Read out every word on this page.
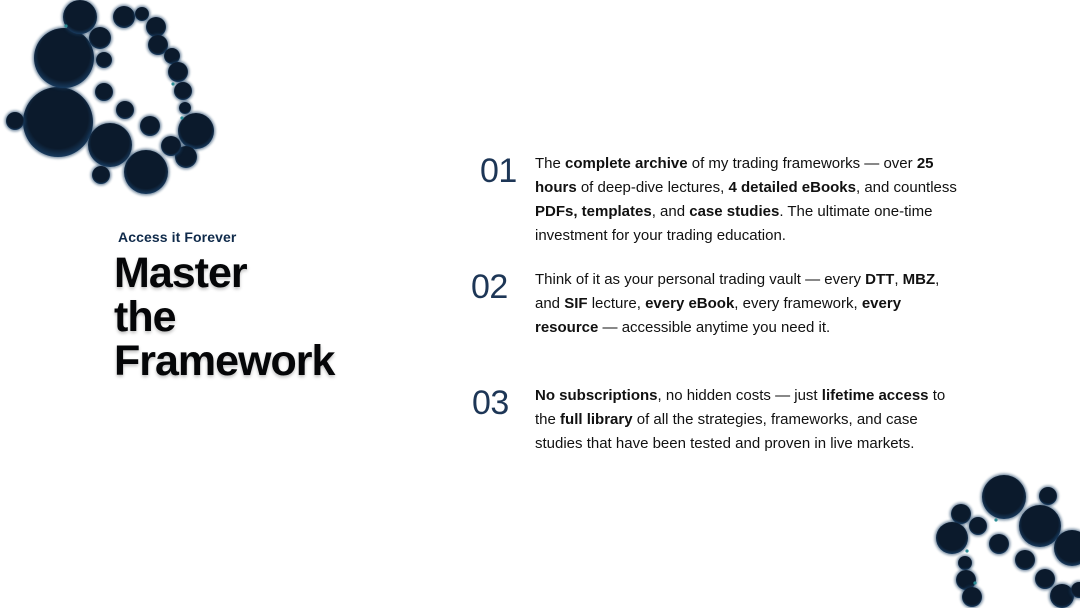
Access it Forever
Master
the
Framework
01 The complete archive of my trading frameworks — over 25 hours of deep-dive lectures, 4 detailed eBooks, and countless PDFs, templates, and case studies. The ultimate one-time investment for your trading education.

02 Think of it as your personal trading vault — every DTT, MBZ, and SIF lecture, every eBook, every framework, every resource — accessible anytime you need it.

03 No subscriptions, no hidden costs — just lifetime access to the full library of all the strategies, frameworks, and case studies that have been tested and proven in live markets.
